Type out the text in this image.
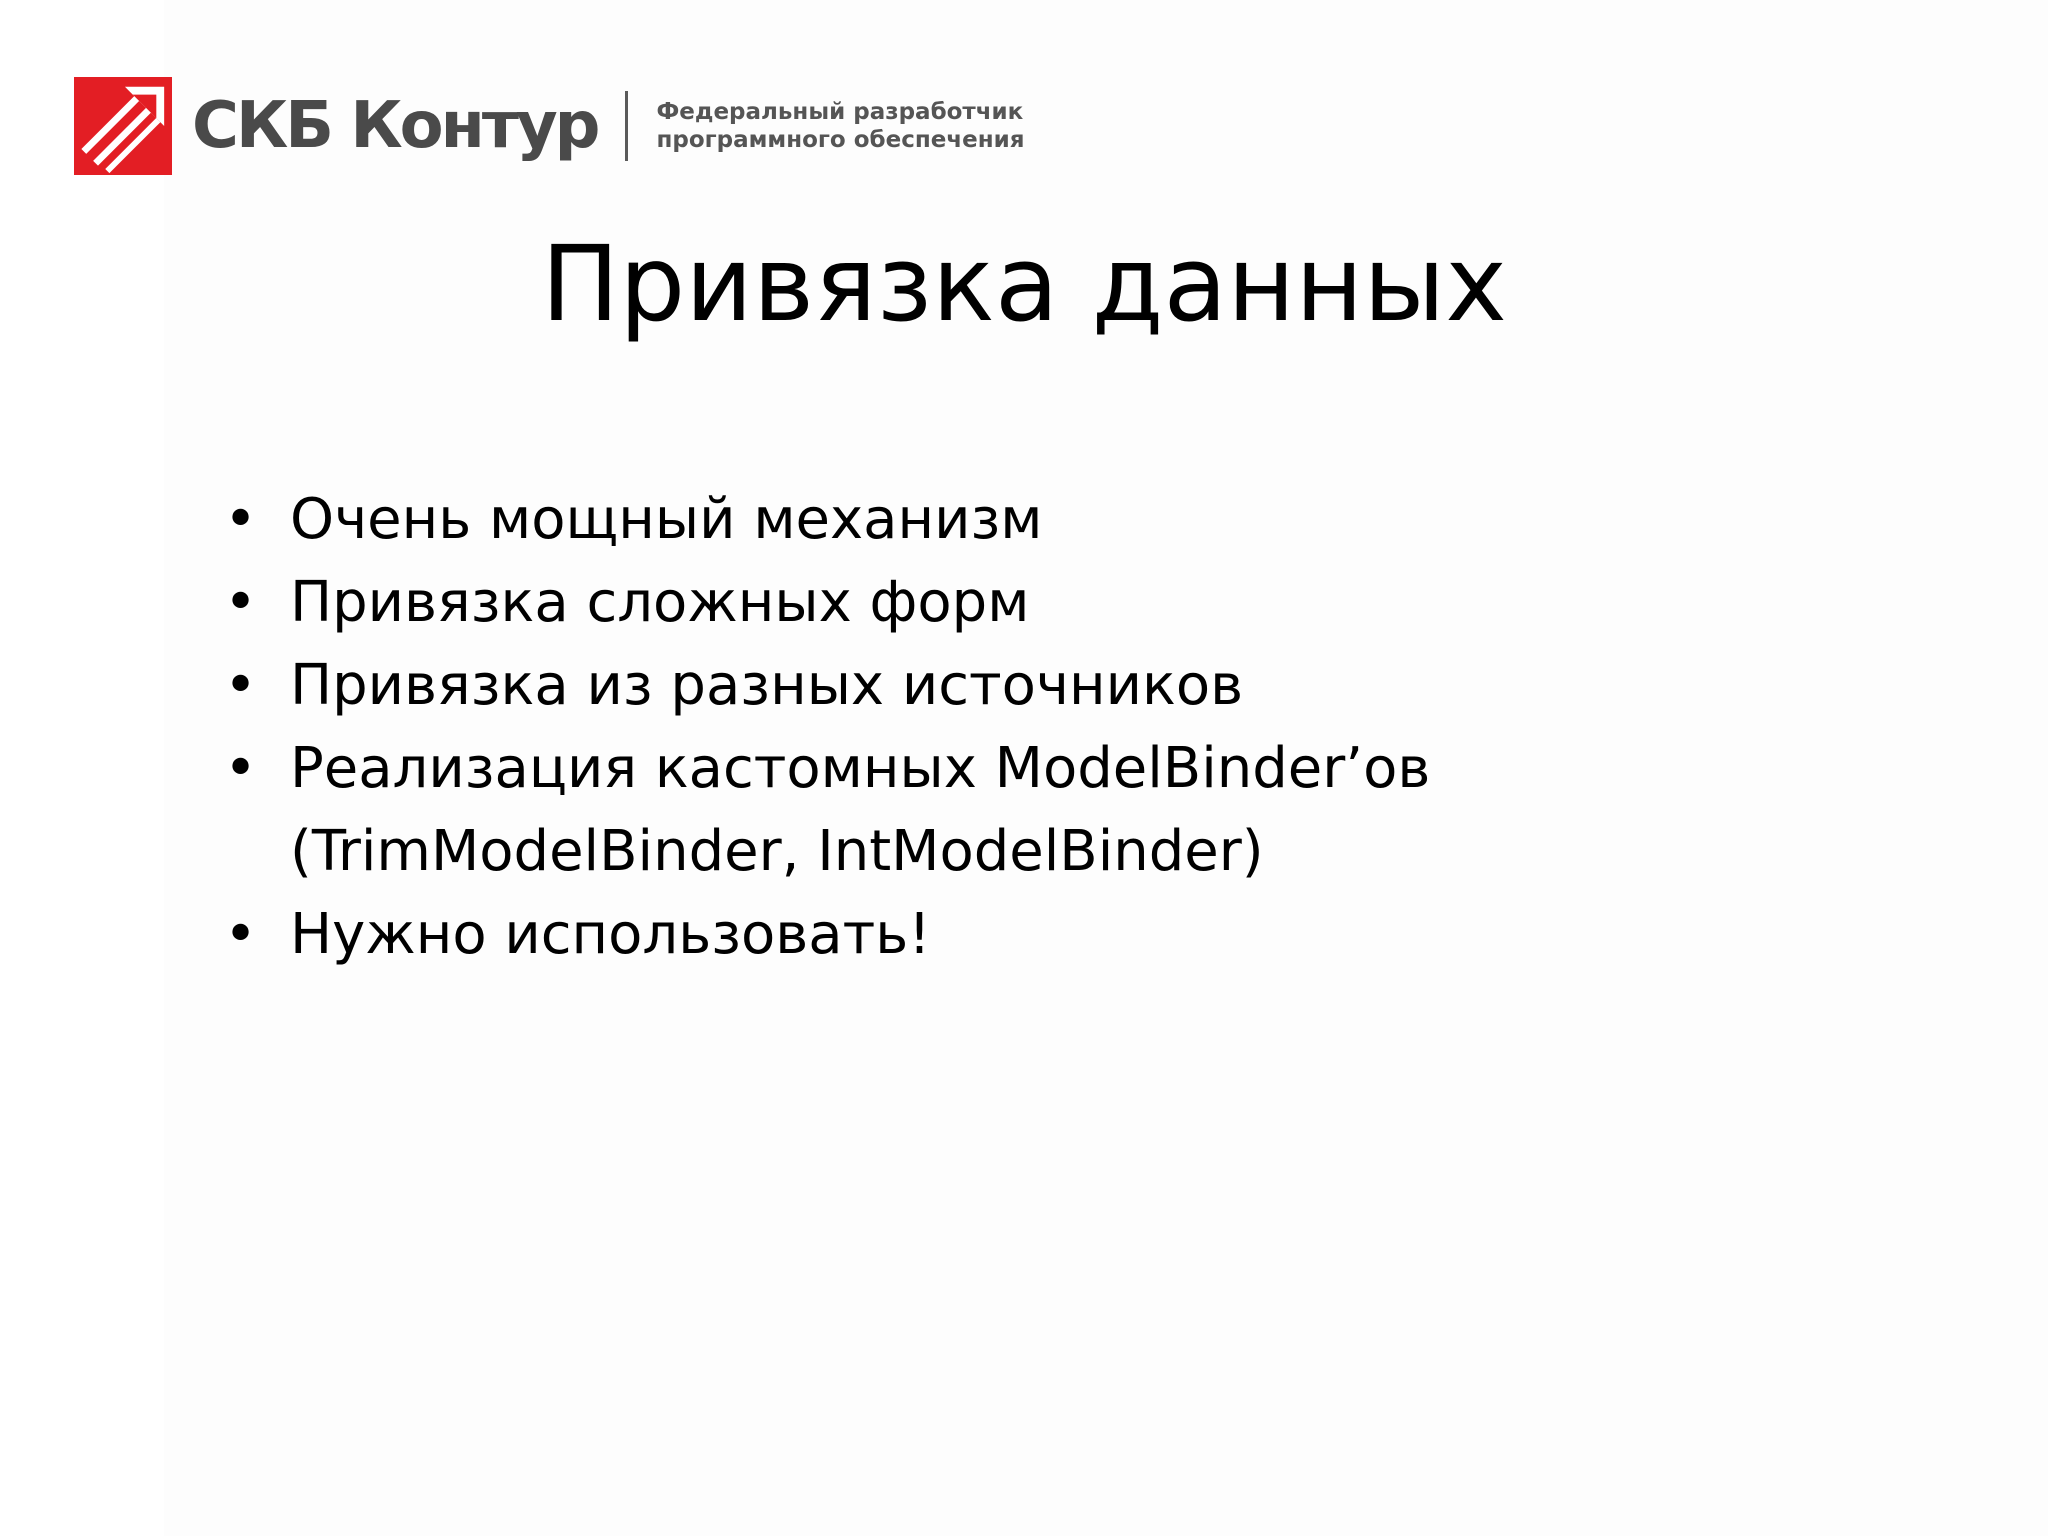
СКБ Контур	Федеральный разработчик
программного обеспечения
Привязка данных
• Очень мощный механизм
• Привязка сложных форм
• Привязка из разных источников
• Реализация кастомных ModelBinder’ов
(TrimModelBinder, IntModelBinder)
• Нужно использовать!
